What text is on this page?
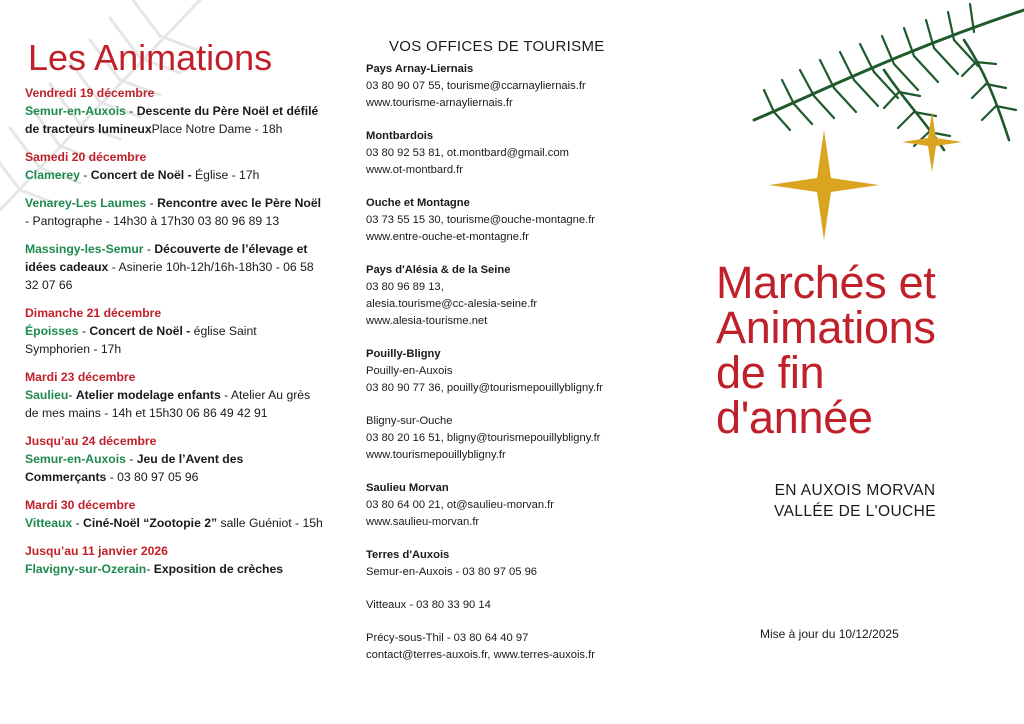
Les Animations
Vendredi 19 décembre
Semur-en-Auxois - Descente du Père Noël et défilé de tracteurs lumineuxPlace Notre Dame - 18h
Samedi 20 décembre
Clamerey - Concert de Noël - Église - 17h
Venarey-Les Laumes - Rencontre avec le Père Noël - Pantographe - 14h30 à 17h30 03 80 96 89 13
Massingy-les-Semur - Découverte de l’élevage et idées cadeaux - Asinerie 10h-12h/16h-18h30 - 06 58 32 07 66
Dimanche 21 décembre
Époisses - Concert de Noël - église Saint Symphorien - 17h
Mardi 23 décembre
Saulieu- Atelier modelage enfants - Atelier Au grès de mes mains - 14h et 15h30 06 86 49 42 91
Jusqu’au 24 décembre
Semur-en-Auxois - Jeu de l’Avent des Commerçants - 03 80 97 05 96
Mardi 30 décembre
Vitteaux - Ciné-Noël “Zootopie 2” salle Guéniot - 15h
Jusqu’au 11 janvier 2026
Flavigny-sur-Ozerain- Exposition de crèches
VOS OFFICES DE TOURISME
Pays Arnay-Liernais
03 80 90 07 55, tourisme@ccarnayliernais.fr
www.tourisme-arnayliernais.fr
Montbardois
03 80 92 53 81, ot.montbard@gmail.com
www.ot-montbard.fr
Ouche et Montagne
03 73 55 15 30, tourisme@ouche-montagne.fr
www.entre-ouche-et-montagne.fr
Pays d'Alésia & de la Seine
03 80 96 89 13,
alesia.tourisme@cc-alesia-seine.fr
www.alesia-tourisme.net
Pouilly-Bligny
Pouilly-en-Auxois
03 80 90 77 36, pouilly@tourismepouillybligny.fr
Bligny-sur-Ouche
03 80 20 16 51, bligny@tourismepouillybligny.fr
www.tourismepouillybligny.fr
Saulieu Morvan
03 80 64 00 21, ot@saulieu-morvan.fr
www.saulieu-morvan.fr
Terres d'Auxois
Semur-en-Auxois - 03 80 97 05 96
Vitteaux - 03 80 33 90 14
Précy-sous-Thil - 03 80 64 40 97
contact@terres-auxois.fr, www.terres-auxois.fr
Marchés et
Animations
de fin
d'année
EN AUXOIS MORVAN
VALLÉE DE L'OUCHE
Mise à jour du 10/12/2025
